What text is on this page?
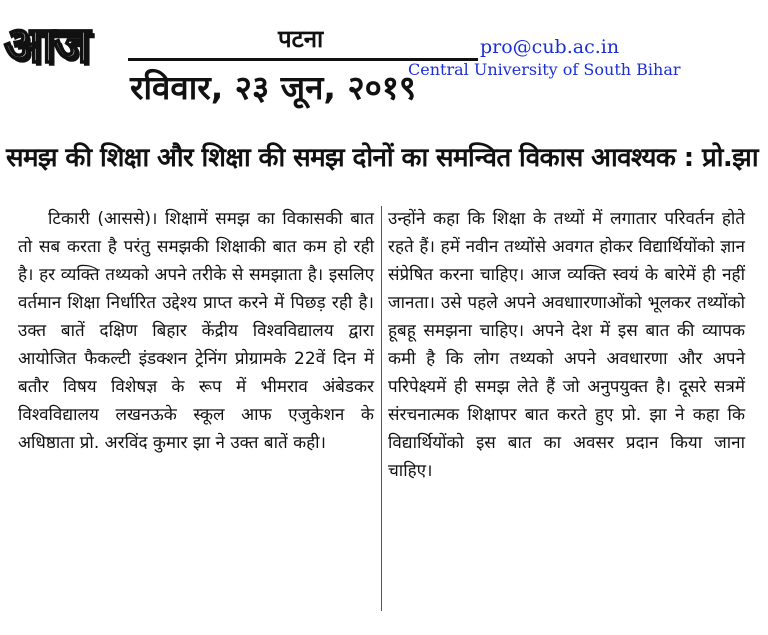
आज	पटना
रविवार, २३ जून, २०१९
pro@cub.ac.in
Central University of South Bihar
समझ की शिक्षा और शिक्षा की समझ दोनों का समन्वित विकास आवश्यक : प्रो.झा

टिकारी (आससे)। शिक्षामें समझ का विकासकी बात तो सब करता है परंतु समझकी शिक्षाकी बात कम हो रही है। हर व्यक्ति तथ्यको अपने तरीके से समझाता है। इसलिए वर्तमान शिक्षा निर्धारित उद्देश्य प्राप्त करने में पिछड़ रही है। उक्त बातें दक्षिण बिहार केंद्रीय विश्वविद्यालय द्वारा आयोजित फैकल्टी इंडक्शन ट्रेनिंग प्रोग्रामके 22वें दिन में बतौर विषय विशेषज्ञ के रूप में भीमराव अंबेडकर विश्वविद्यालय लखनऊके स्कूल आफ एजुकेशन के अधिष्ठाता प्रो. अरविंद कुमार झा ने उक्त बातें कही।

उन्होंने कहा कि शिक्षा के तथ्यों में लगातार परिवर्तन होते रहते हैं। हमें नवीन तथ्योंसे अवगत होकर विद्यार्थियोंको ज्ञान संप्रेषित करना चाहिए। आज व्यक्ति स्वयं के बारेमें ही नहीं जानता। उसे पहले अपने अवधाारणाओंको भूलकर तथ्योंको हूबहू समझना चाहिए। अपने देश में इस बात की व्यापक कमी है कि लोग तथ्यको अपने अवधारणा और अपने परिपेक्ष्यमें ही समझ लेते हैं जो अनुपयुक्त है। दूसरे सत्रमें संरचनात्मक शिक्षापर बात करते हुए प्रो. झा ने कहा कि विद्यार्थियोंको इस बात का अवसर प्रदान किया जाना चाहिए।
